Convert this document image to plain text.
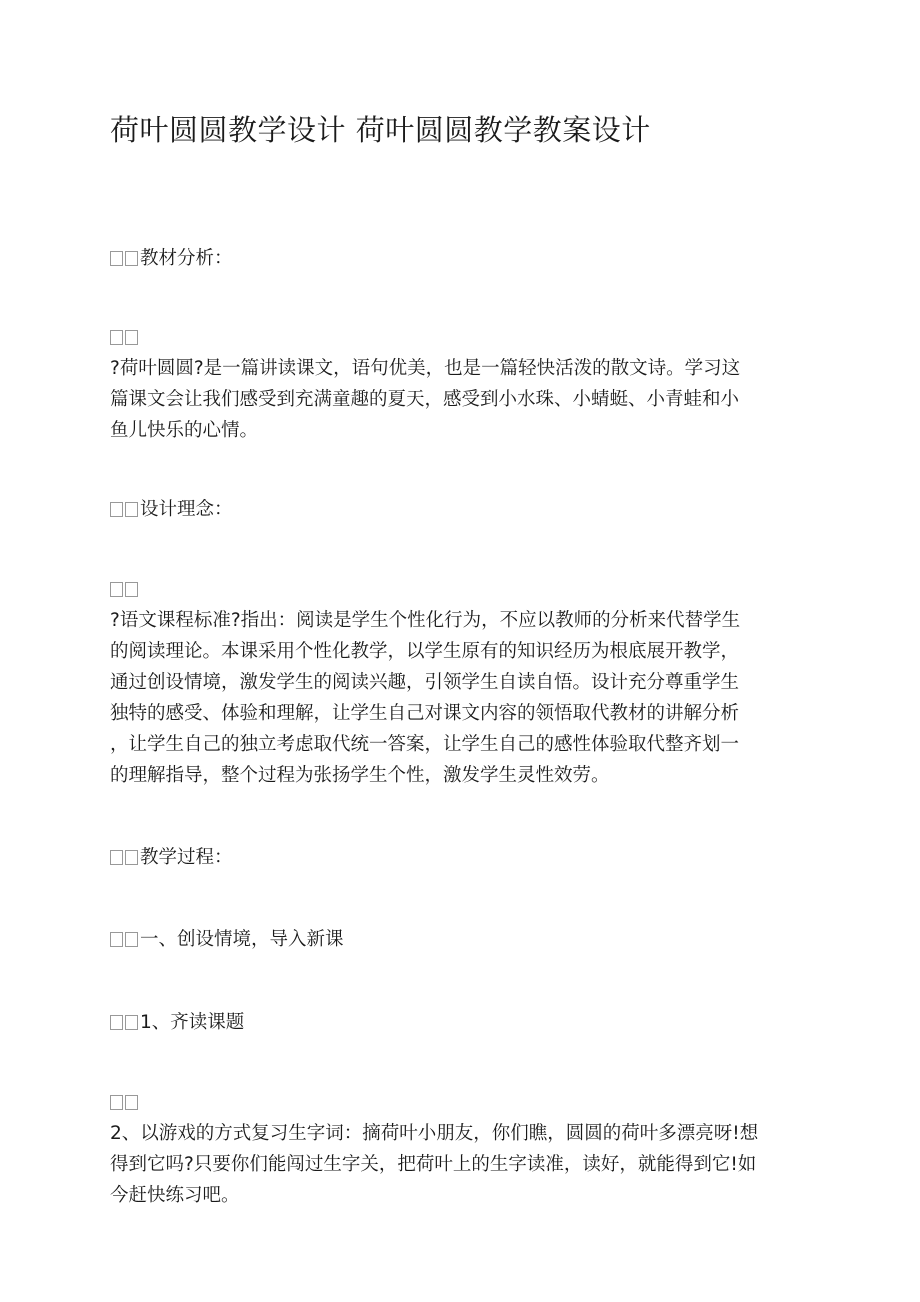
荷叶圆圆教学设计 荷叶圆圆教学教案设计
教材分析：
?荷叶圆圆?是一篇讲读课文，语句优美，也是一篇轻快活泼的散文诗。学习这
篇课文会让我们感受到充满童趣的夏天，感受到小水珠、小蜻蜓、小青蛙和小
鱼儿快乐的心情。
设计理念：
?语文课程标准?指出：阅读是学生个性化行为，不应以教师的分析来代替学生
的阅读理论。本课采用个性化教学，以学生原有的知识经历为根底展开教学，
通过创设情境，激发学生的阅读兴趣，引领学生自读自悟。设计充分尊重学生
独特的感受、体验和理解，让学生自己对课文内容的领悟取代教材的讲解分析
，让学生自己的独立考虑取代统一答案，让学生自己的感性体验取代整齐划一
的理解指导，整个过程为张扬学生个性，激发学生灵性效劳。
教学过程：
一、创设情境，导入新课
1、齐读课题
2、以游戏的方式复习生字词：摘荷叶小朋友，你们瞧，圆圆的荷叶多漂亮呀!想
得到它吗?只要你们能闯过生字关，把荷叶上的生字读准，读好，就能得到它!如
今赶快练习吧。
